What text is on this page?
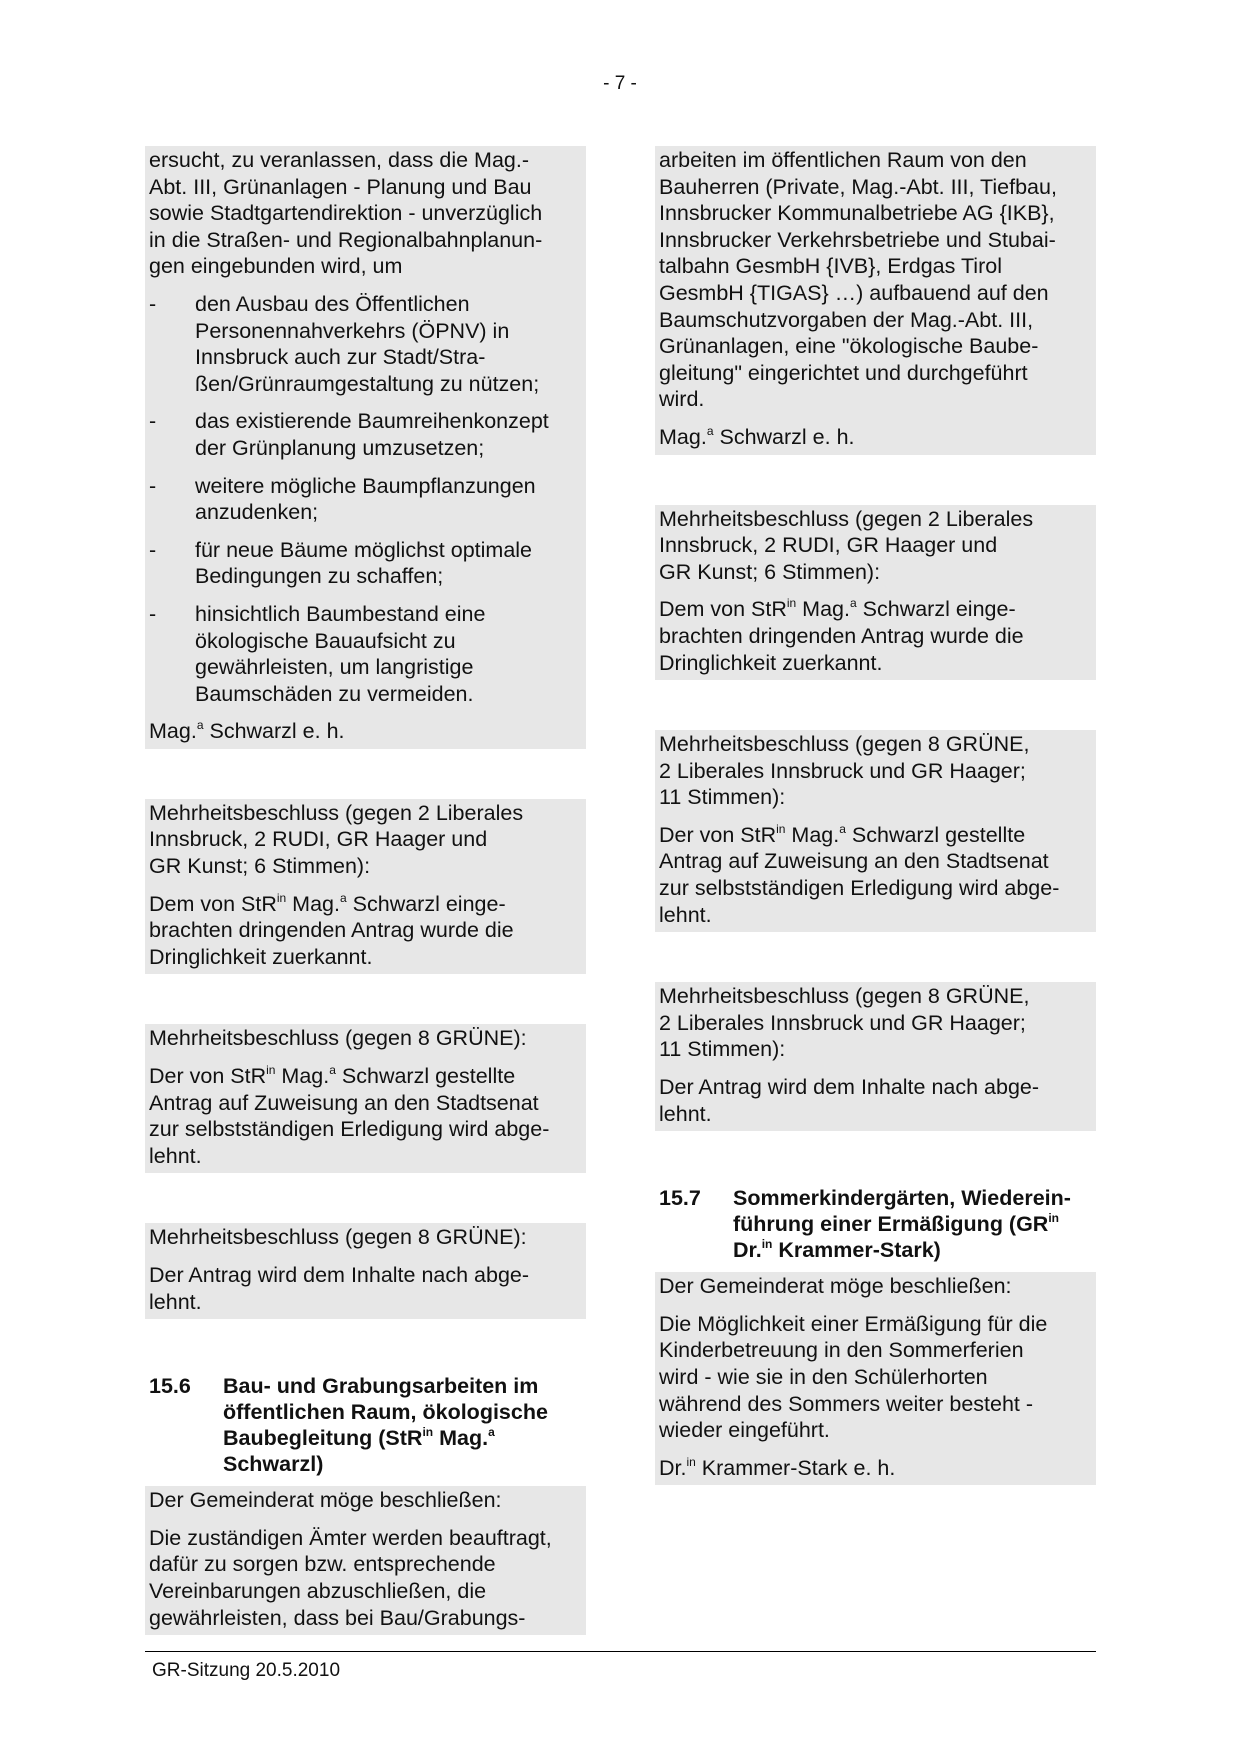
- 7 -

ersucht, zu veranlassen, dass die Mag.-
Abt. III, Grünanlagen - Planung und Bau
sowie Stadtgartendirektion - unverzüglich
in die Straßen- und Regionalbahnplanun-
gen eingebunden wird, um

- den Ausbau des Öffentlichen
Personennahverkehrs (ÖPNV) in
Innsbruck auch zur Stadt/Stra-
ßen/Grünraumgestaltung zu nützen;
- das existierende Baumreihenkonzept
der Grünplanung umzusetzen;
- weitere mögliche Baumpflanzungen
anzudenken;
- für neue Bäume möglichst optimale
Bedingungen zu schaffen;
- hinsichtlich Baumbestand eine
ökologische Bauaufsicht zu
gewährleisten, um langristige
Baumschäden zu vermeiden.

Mag.$^a$ Schwarzl e. h.

Mehrheitsbeschluss (gegen 2 Liberales
Innsbruck, 2 RUDI, GR Haager und
GR Kunst; 6 Stimmen):

Dem von StR$^{in}$ Mag.$^a$ Schwarzl einge-
brachten dringenden Antrag wurde die
Dringlichkeit zuerkannt.

Mehrheitsbeschluss (gegen 8 GRÜNE):

Der von StR$^{in}$ Mag.$^a$ Schwarzl gestellte
Antrag auf Zuweisung an den Stadtsenat
zur selbstständigen Erledigung wird abge-
lehnt.

Mehrheitsbeschluss (gegen 8 GRÜNE):

Der Antrag wird dem Inhalte nach abge-
lehnt.

15.6	Bau- und Grabungsarbeiten im
öffentlichen Raum, ökologische
Baubegleitung (StR$^{in}$ Mag.$^a$
Schwarzl)

Der Gemeinderat möge beschließen:

Die zuständigen Ämter werden beauftragt,
dafür zu sorgen bzw. entsprechende
Vereinbarungen abzuschließen, die
gewährleisten, dass bei Bau/Grabungs-

arbeiten im öffentlichen Raum von den
Bauherren (Private, Mag.-Abt. III, Tiefbau,
Innsbrucker Kommunalbetriebe AG {IKB},
Innsbrucker Verkehrsbetriebe und Stubai-
talbahn GesmbH {IVB}, Erdgas Tirol
GesmbH {TIGAS} …) aufbauend auf den
Baumschutzvorgaben der Mag.-Abt. III,
Grünanlagen, eine "ökologische Baube-
gleitung" eingerichtet und durchgeführt
wird.

Mag.$^a$ Schwarzl e. h.

Mehrheitsbeschluss (gegen 2 Liberales
Innsbruck, 2 RUDI, GR Haager und
GR Kunst; 6 Stimmen):

Dem von StR$^{in}$ Mag.$^a$ Schwarzl einge-
brachten dringenden Antrag wurde die
Dringlichkeit zuerkannt.

Mehrheitsbeschluss (gegen 8 GRÜNE,
2 Liberales Innsbruck und GR Haager;
11 Stimmen):

Der von StR$^{in}$ Mag.$^a$ Schwarzl gestellte
Antrag auf Zuweisung an den Stadtsenat
zur selbstständigen Erledigung wird abge-
lehnt.

Mehrheitsbeschluss (gegen 8 GRÜNE,
2 Liberales Innsbruck und GR Haager;
11 Stimmen):

Der Antrag wird dem Inhalte nach abge-
lehnt.

15.7	Sommerkindergärten, Wiederein-
führung einer Ermäßigung ($GR^{in}$
Dr.$^{in}$ Krammer-Stark)

Der Gemeinderat möge beschließen:

Die Möglichkeit einer Ermäßigung für die
Kinderbetreuung in den Sommerferien
wird - wie sie in den Schülerhorten
während des Sommers weiter besteht -
wieder eingeführt.

Dr.$^{in}$ Krammer-Stark e. h.

GR-Sitzung 20.5.2010
